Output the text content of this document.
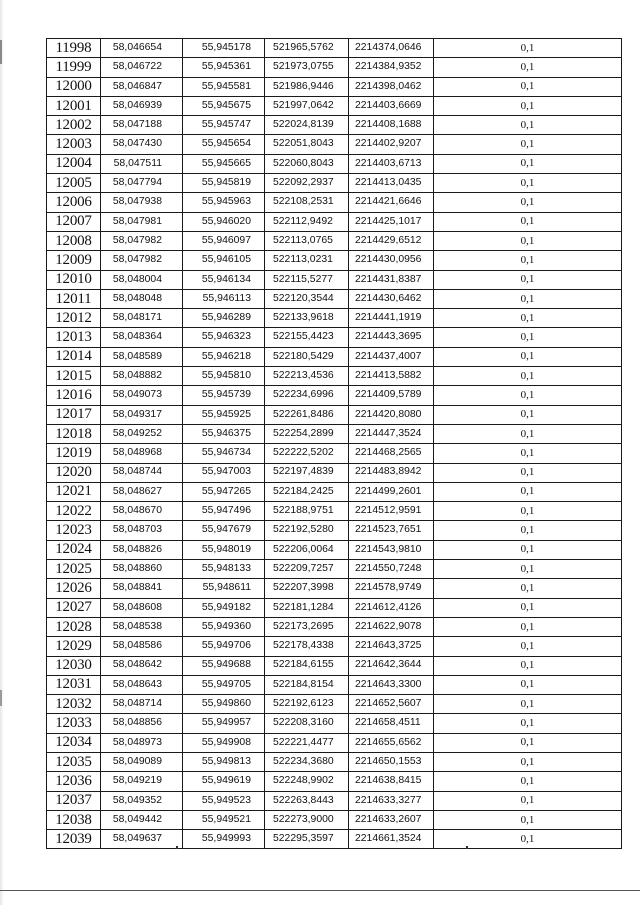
11998	58,046654	55,945178	521965,5762	2214374,0646	0,1
11999	58,046722	55,945361	521973,0755	2214384,9352	0,1
12000	58,046847	55,945581	521986,9446	2214398,0462	0,1
12001	58,046939	55,945675	521997,0642	2214403,6669	0,1
12002	58,047188	55,945747	522024,8139	2214408,1688	0,1
12003	58,047430	55,945654	522051,8043	2214402,9207	0,1
12004	58,047511	55,945665	522060,8043	2214403,6713	0,1
12005	58,047794	55,945819	522092,2937	2214413,0435	0,1
12006	58,047938	55,945963	522108,2531	2214421,6646	0,1
12007	58,047981	55,946020	522112,9492	2214425,1017	0,1
12008	58,047982	55,946097	522113,0765	2214429,6512	0,1
12009	58,047982	55,946105	522113,0231	2214430,0956	0,1
12010	58,048004	55,946134	522115,5277	2214431,8387	0,1
12011	58,048048	55,946113	522120,3544	2214430,6462	0,1
12012	58,048171	55,946289	522133,9618	2214441,1919	0,1
12013	58,048364	55,946323	522155,4423	2214443,3695	0,1
12014	58,048589	55,946218	522180,5429	2214437,4007	0,1
12015	58,048882	55,945810	522213,4536	2214413,5882	0,1
12016	58,049073	55,945739	522234,6996	2214409,5789	0,1
12017	58,049317	55,945925	522261,8486	2214420,8080	0,1
12018	58,049252	55,946375	522254,2899	2214447,3524	0,1
12019	58,048968	55,946734	522222,5202	2214468,2565	0,1
12020	58,048744	55,947003	522197,4839	2214483,8942	0,1
12021	58,048627	55,947265	522184,2425	2214499,2601	0,1
12022	58,048670	55,947496	522188,9751	2214512,9591	0,1
12023	58,048703	55,947679	522192,5280	2214523,7651	0,1
12024	58,048826	55,948019	522206,0064	2214543,9810	0,1
12025	58,048860	55,948133	522209,7257	2214550,7248	0,1
12026	58,048841	55,948611	522207,3998	2214578,9749	0,1
12027	58,048608	55,949182	522181,1284	2214612,4126	0,1
12028	58,048538	55,949360	522173,2695	2214622,9078	0,1
12029	58,048586	55,949706	522178,4338	2214643,3725	0,1
12030	58,048642	55,949688	522184,6155	2214642,3644	0,1
12031	58,048643	55,949705	522184,8154	2214643,3300	0,1
12032	58,048714	55,949860	522192,6123	2214652,5607	0,1
12033	58,048856	55,949957	522208,3160	2214658,4511	0,1
12034	58,048973	55,949908	522221,4477	2214655,6562	0,1
12035	58,049089	55,949813	522234,3680	2214650,1553	0,1
12036	58,049219	55,949619	522248,9902	2214638,8415	0,1
12037	58,049352	55,949523	522263,8443	2214633,3277	0,1
12038	58,049442	55,949521	522273,9000	2214633,2607	0,1
12039	58,049637	55,949993	522295,3597	2214661,3524	0,1
